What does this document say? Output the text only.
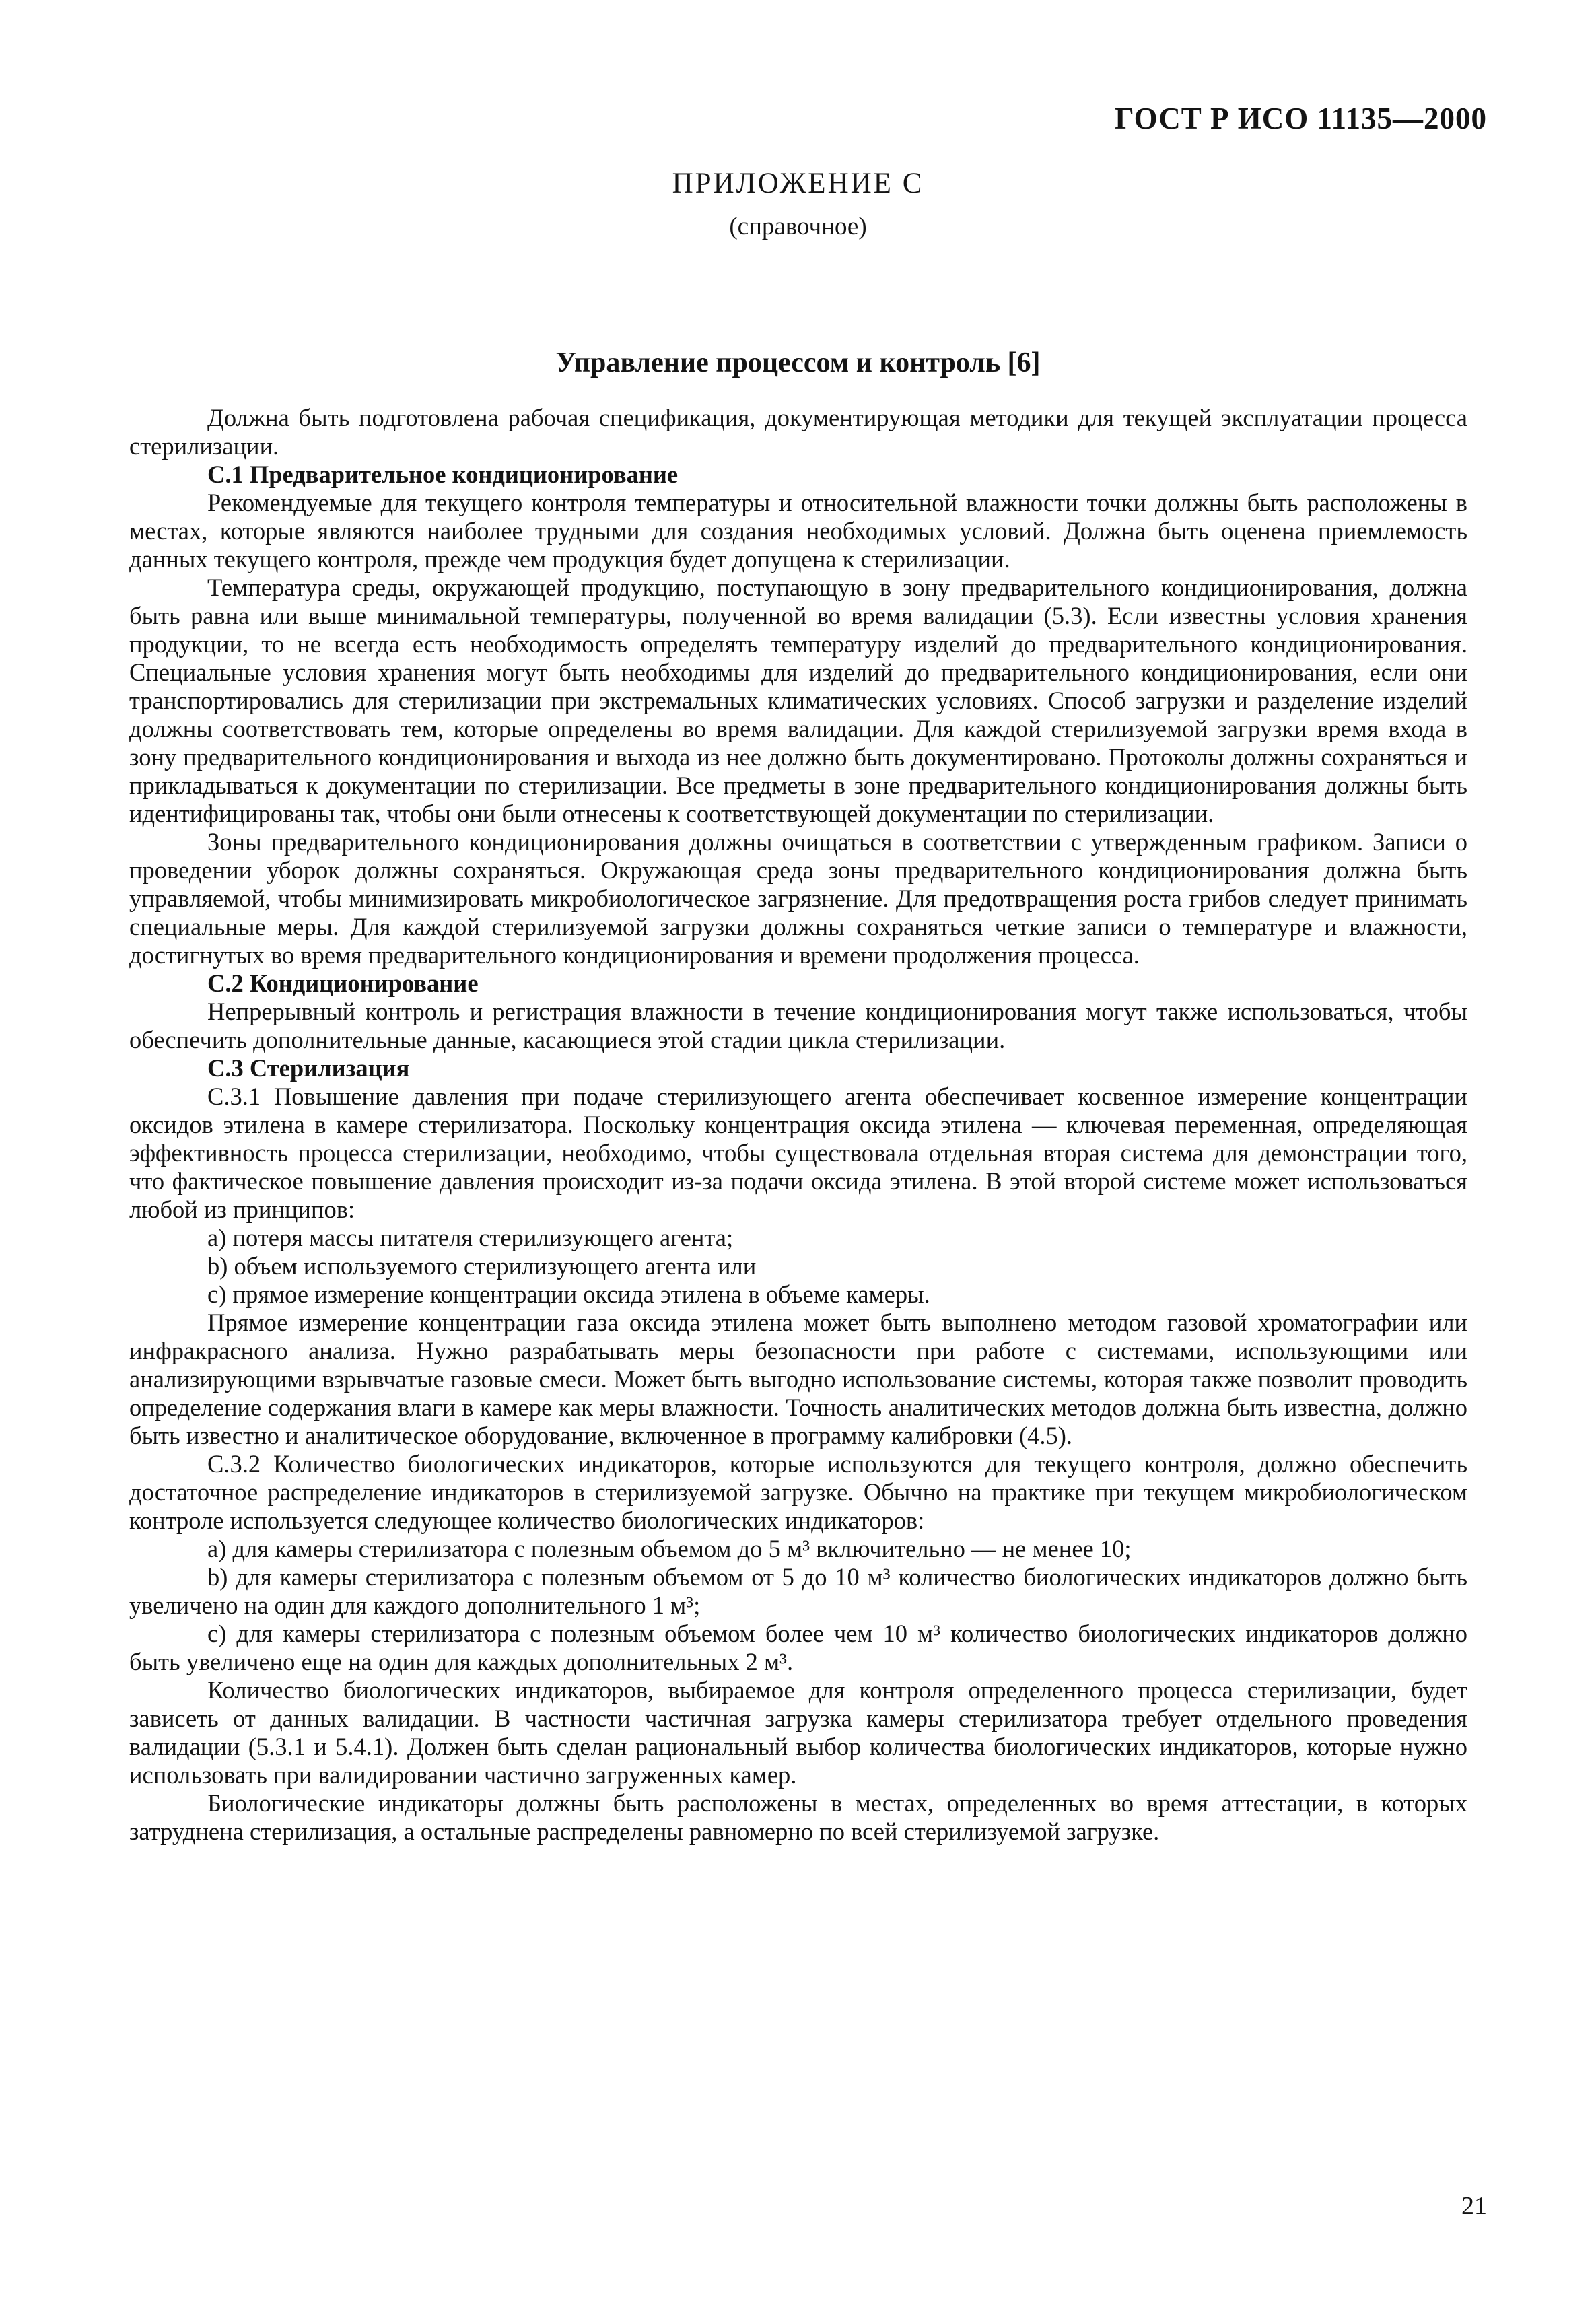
ГОСТ Р ИСО 11135—2000

ПРИЛОЖЕНИЕ С

(справочное)

Управление процессом и контроль [6]

Должна быть подготовлена рабочая спецификация, документирующая методики для текущей эксплуатации процесса стерилизации.

С.1 Предварительное кондиционирование

Рекомендуемые для текущего контроля температуры и относительной влажности точки должны быть расположены в местах, которые являются наиболее трудными для создания необходимых условий. Должна быть оценена приемлемость данных текущего контроля, прежде чем продукция будет допущена к стерилизации.

Температура среды, окружающей продукцию, поступающую в зону предварительного кондиционирования, должна быть равна или выше минимальной температуры, полученной во время валидации (5.3). Если известны условия хранения продукции, то не всегда есть необходимость определять температуру изделий до предварительного кондиционирования. Специальные условия хранения могут быть необходимы для изделий до предварительного кондиционирования, если они транспортировались для стерилизации при экстремальных климатических условиях. Способ загрузки и разделение изделий должны соответствовать тем, которые определены во время валидации. Для каждой стерилизуемой загрузки время входа в зону предварительного кондиционирования и выхода из нее должно быть документировано. Протоколы должны сохраняться и прикладываться к документации по стерилизации. Все предметы в зоне предварительного кондиционирования должны быть идентифицированы так, чтобы они были отнесены к соответствующей документации по стерилизации.

Зоны предварительного кондиционирования должны очищаться в соответствии с утвержденным графиком. Записи о проведении уборок должны сохраняться. Окружающая среда зоны предварительного кондиционирования должна быть управляемой, чтобы минимизировать микробиологическое загрязнение. Для предотвращения роста грибов следует принимать специальные меры. Для каждой стерилизуемой загрузки должны сохраняться четкие записи о температуре и влажности, достигнутых во время предварительного кондиционирования и времени продолжения процесса.

С.2 Кондиционирование

Непрерывный контроль и регистрация влажности в течение кондиционирования могут также использоваться, чтобы обеспечить дополнительные данные, касающиеся этой стадии цикла стерилизации.

С.3 Стерилизация

С.3.1 Повышение давления при подаче стерилизующего агента обеспечивает косвенное измерение концентрации оксидов этилена в камере стерилизатора. Поскольку концентрация оксида этилена — ключевая переменная, определяющая эффективность процесса стерилизации, необходимо, чтобы существовала отдельная вторая система для демонстрации того, что фактическое повышение давления происходит из-за подачи оксида этилена. В этой второй системе может использоваться любой из принципов:

a) потеря массы питателя стерилизующего агента;

b) объем используемого стерилизующего агента или

c) прямое измерение концентрации оксида этилена в объеме камеры.

Прямое измерение концентрации газа оксида этилена может быть выполнено методом газовой хроматографии или инфракрасного анализа. Нужно разрабатывать меры безопасности при работе с системами, использующими или анализирующими взрывчатые газовые смеси. Может быть выгодно использование системы, которая также позволит проводить определение содержания влаги в камере как меры влажности. Точность аналитических методов должна быть известна, должно быть известно и аналитическое оборудование, включенное в программу калибровки (4.5).

С.3.2 Количество биологических индикаторов, которые используются для текущего контроля, должно обеспечить достаточное распределение индикаторов в стерилизуемой загрузке. Обычно на практике при текущем микробиологическом контроле используется следующее количество биологических индикаторов:

a) для камеры стерилизатора с полезным объемом до 5 м³ включительно — не менее 10;

b) для камеры стерилизатора с полезным объемом от 5 до 10 м³ количество биологических индикаторов должно быть увеличено на один для каждого дополнительного 1 м³;

c) для камеры стерилизатора с полезным объемом более чем 10 м³ количество биологических индикаторов должно быть увеличено еще на один для каждых дополнительных 2 м³.

Количество биологических индикаторов, выбираемое для контроля определенного процесса стерилизации, будет зависеть от данных валидации. В частности частичная загрузка камеры стерилизатора требует отдельного проведения валидации (5.3.1 и 5.4.1). Должен быть сделан рациональный выбор количества биологических индикаторов, которые нужно использовать при валидировании частично загруженных камер.

Биологические индикаторы должны быть расположены в местах, определенных во время аттестации, в которых затруднена стерилизация, а остальные распределены равномерно по всей стерилизуемой загрузке.

21
